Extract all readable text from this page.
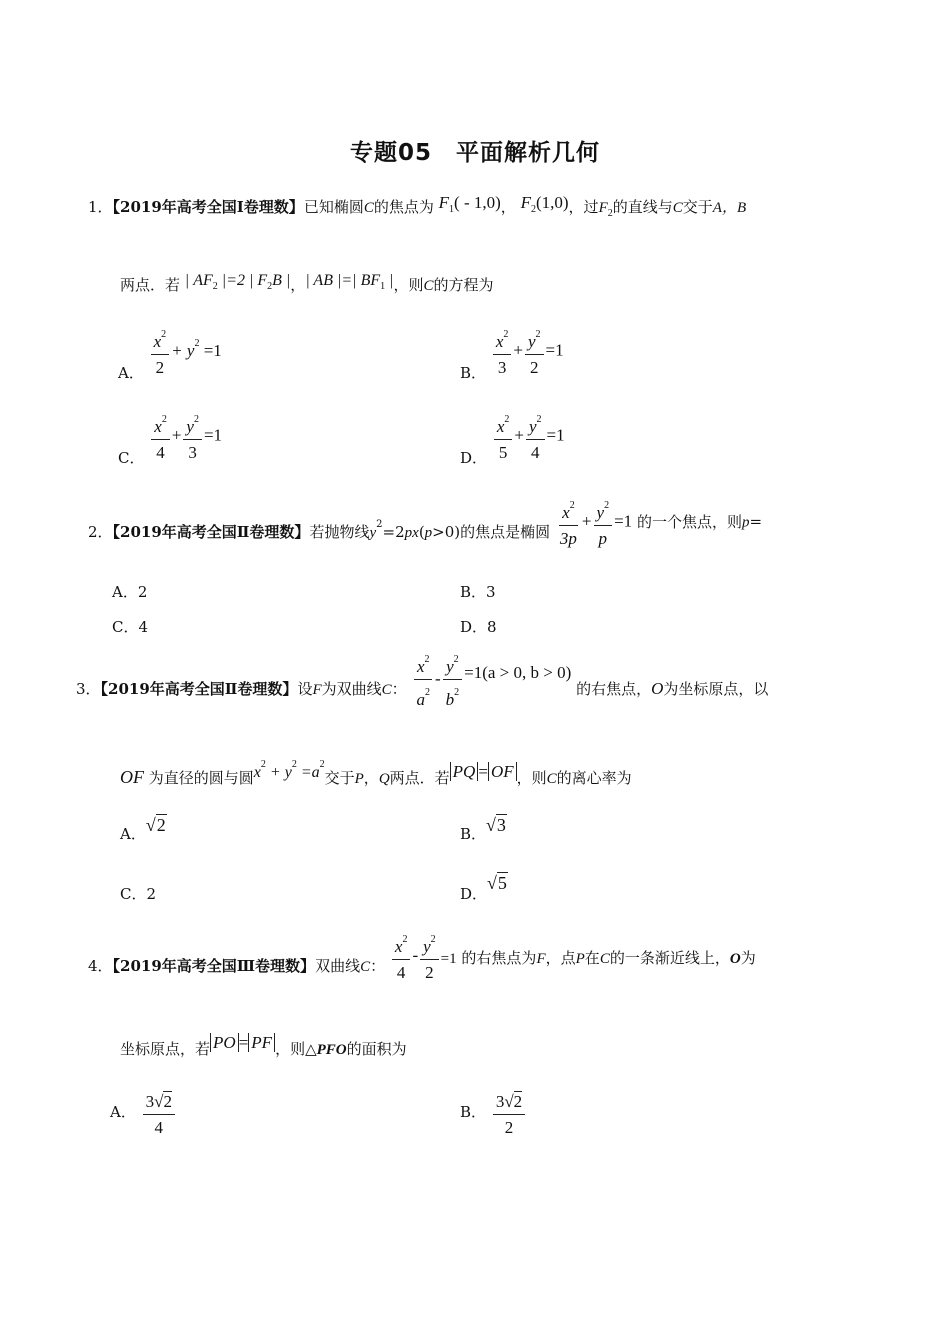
专题05　平面解析几何
1．【2019年高考全国Ⅰ卷理数】已知椭圆C的焦点为 $F_1( - 1,0)$， $F_2(1,0)$，过$F_2$的直线与C交于A，B
两点．若 | $AF_2$ |=2 | $F_2B$ |，| AB |=| $BF_1$ |，则C的方程为
A． $\frac{x^2}{2} + y^2 =1$
B． $\frac{x^2}{3} + \frac{y^2}{2} =1$
C． $\frac{x^2}{4} + \frac{y^2}{3} =1$
D． $\frac{x^2}{5} + \frac{y^2}{4} =1$
2．【2019年高考全国Ⅱ卷理数】若抛物线y2=2px(p>0)的焦点是椭圆 $\frac{x^2}{3p} + \frac{y^2}{p} =1$ 的一个焦点，则p=
A．2	B．3
C．4	D．8
3．【2019年高考全国Ⅱ卷理数】设F为双曲线C： $\frac{x^2}{a^2} - \frac{y^2}{b^2} =1(a > 0$, b > 0) 的右焦点，O为坐标原点，以
OF 为直径的圆与圆$x^2 + y^2 =a^2$交于P，Q两点．若 PQ = OF ，则C的离心率为
A．√2	B．√3
C．2	D．√5
4．【2019年高考全国Ⅲ卷理数】双曲线C： $\frac{x^2}{4} - \frac{y^2}{2} =1$ 的右焦点为F，点P在C的一条渐近线上，O为
坐标原点，若 PO = PF ，则△PFO的面积为
A． $\frac{3√2}{4}$	B． $\frac{3√2}{2}$
